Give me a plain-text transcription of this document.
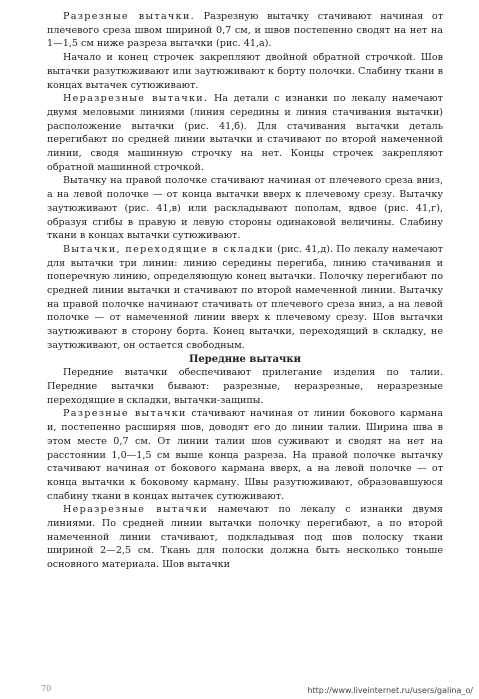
Разрезные вытачки. Разрезную вытачку стачивают начиная от плечевого среза швом шириной 0,7 см, и швов постепенно сводят на нет на 1—1,5 см ниже разреза вытачки (рис. 41,а).

Начало и конец строчек закрепляют двойной обратной строчкой. Шов вытачки разутюживают или заутюживают к борту полочки. Слабину ткани в концах вытачек сутюживают.

Неразрезные вытачки. На детали с изнанки по лекалу намечают двумя меловыми линиями (линия середины и линия стачивания вытачки) расположение вытачки (рис. 41,б). Для стачивания вытачки деталь перегибают по средней линии вытачки и стачивают по второй намеченной линии, сводя машинную строчку на нет. Концы строчек закрепляют обратной машинной строчкой.

Вытачку на правой полочке стачивают начиная от плечевого среза вниз, а на левой полочке — от конца вытачки вверх к плечевому срезу. Вытачку заутюживают (рис. 41,в) или раскладывают пополам, вдвое (рис. 41,г), образуя сгибы в правую и левую стороны одинаковой величины. Слабину ткани в концах вытачки сутюживают.

Вытачки, переходящие в складки (рис. 41,д). По лекалу намечают для вытачки три линии: линию середины перегиба, линию стачивания и поперечную линию, определяющую конец вытачки. Полочку перегибают по средней линии вытачки и стачивают по второй намеченной линии. Вытачку на правой полочке начинают стачивать от плечевого среза вниз, а на левой полочке — от намеченной линии вверх к плечевому срезу. Шов вытачки заутюживают в сторону борта. Конец вытачки, переходящий в складку, не заутюживают, он остается свободным.

Передние вытачки

Передние вытачки обеспечивают прилегание изделия по талии. Передние вытачки бывают: разрезные, неразрезные, неразрезные переходящие в складки, вытачки-защипы.

Разрезные вытачки стачивают начиная от линии бокового кармана и, постепенно расширяя шов, доводят его до линии талии. Ширина шва в этом месте 0,7 см. От линии талии шов суживают и сводят на нет на расстоянии 1,0—1,5 см выше конца разреза. На правой полочке вытачку стачивают начиная от бокового кармана вверх, а на левой полочке — от конца вытачки к боковому карману. Швы разутюживают, образовавшуюся слабину ткани в концах вытачек сутюживают.

Неразрезные вытачки намечают по лекалу с изнанки двумя линиями. По средней линии вытачки полочку перегибают, а по второй намеченной линии стачивают, подкладывая под шов полоску ткани шириной 2—2,5 см. Ткань для полоски должна быть несколько тоньше основного материала. Шов вытачки

70	http://www.liveinternet.ru/users/galina_o/
